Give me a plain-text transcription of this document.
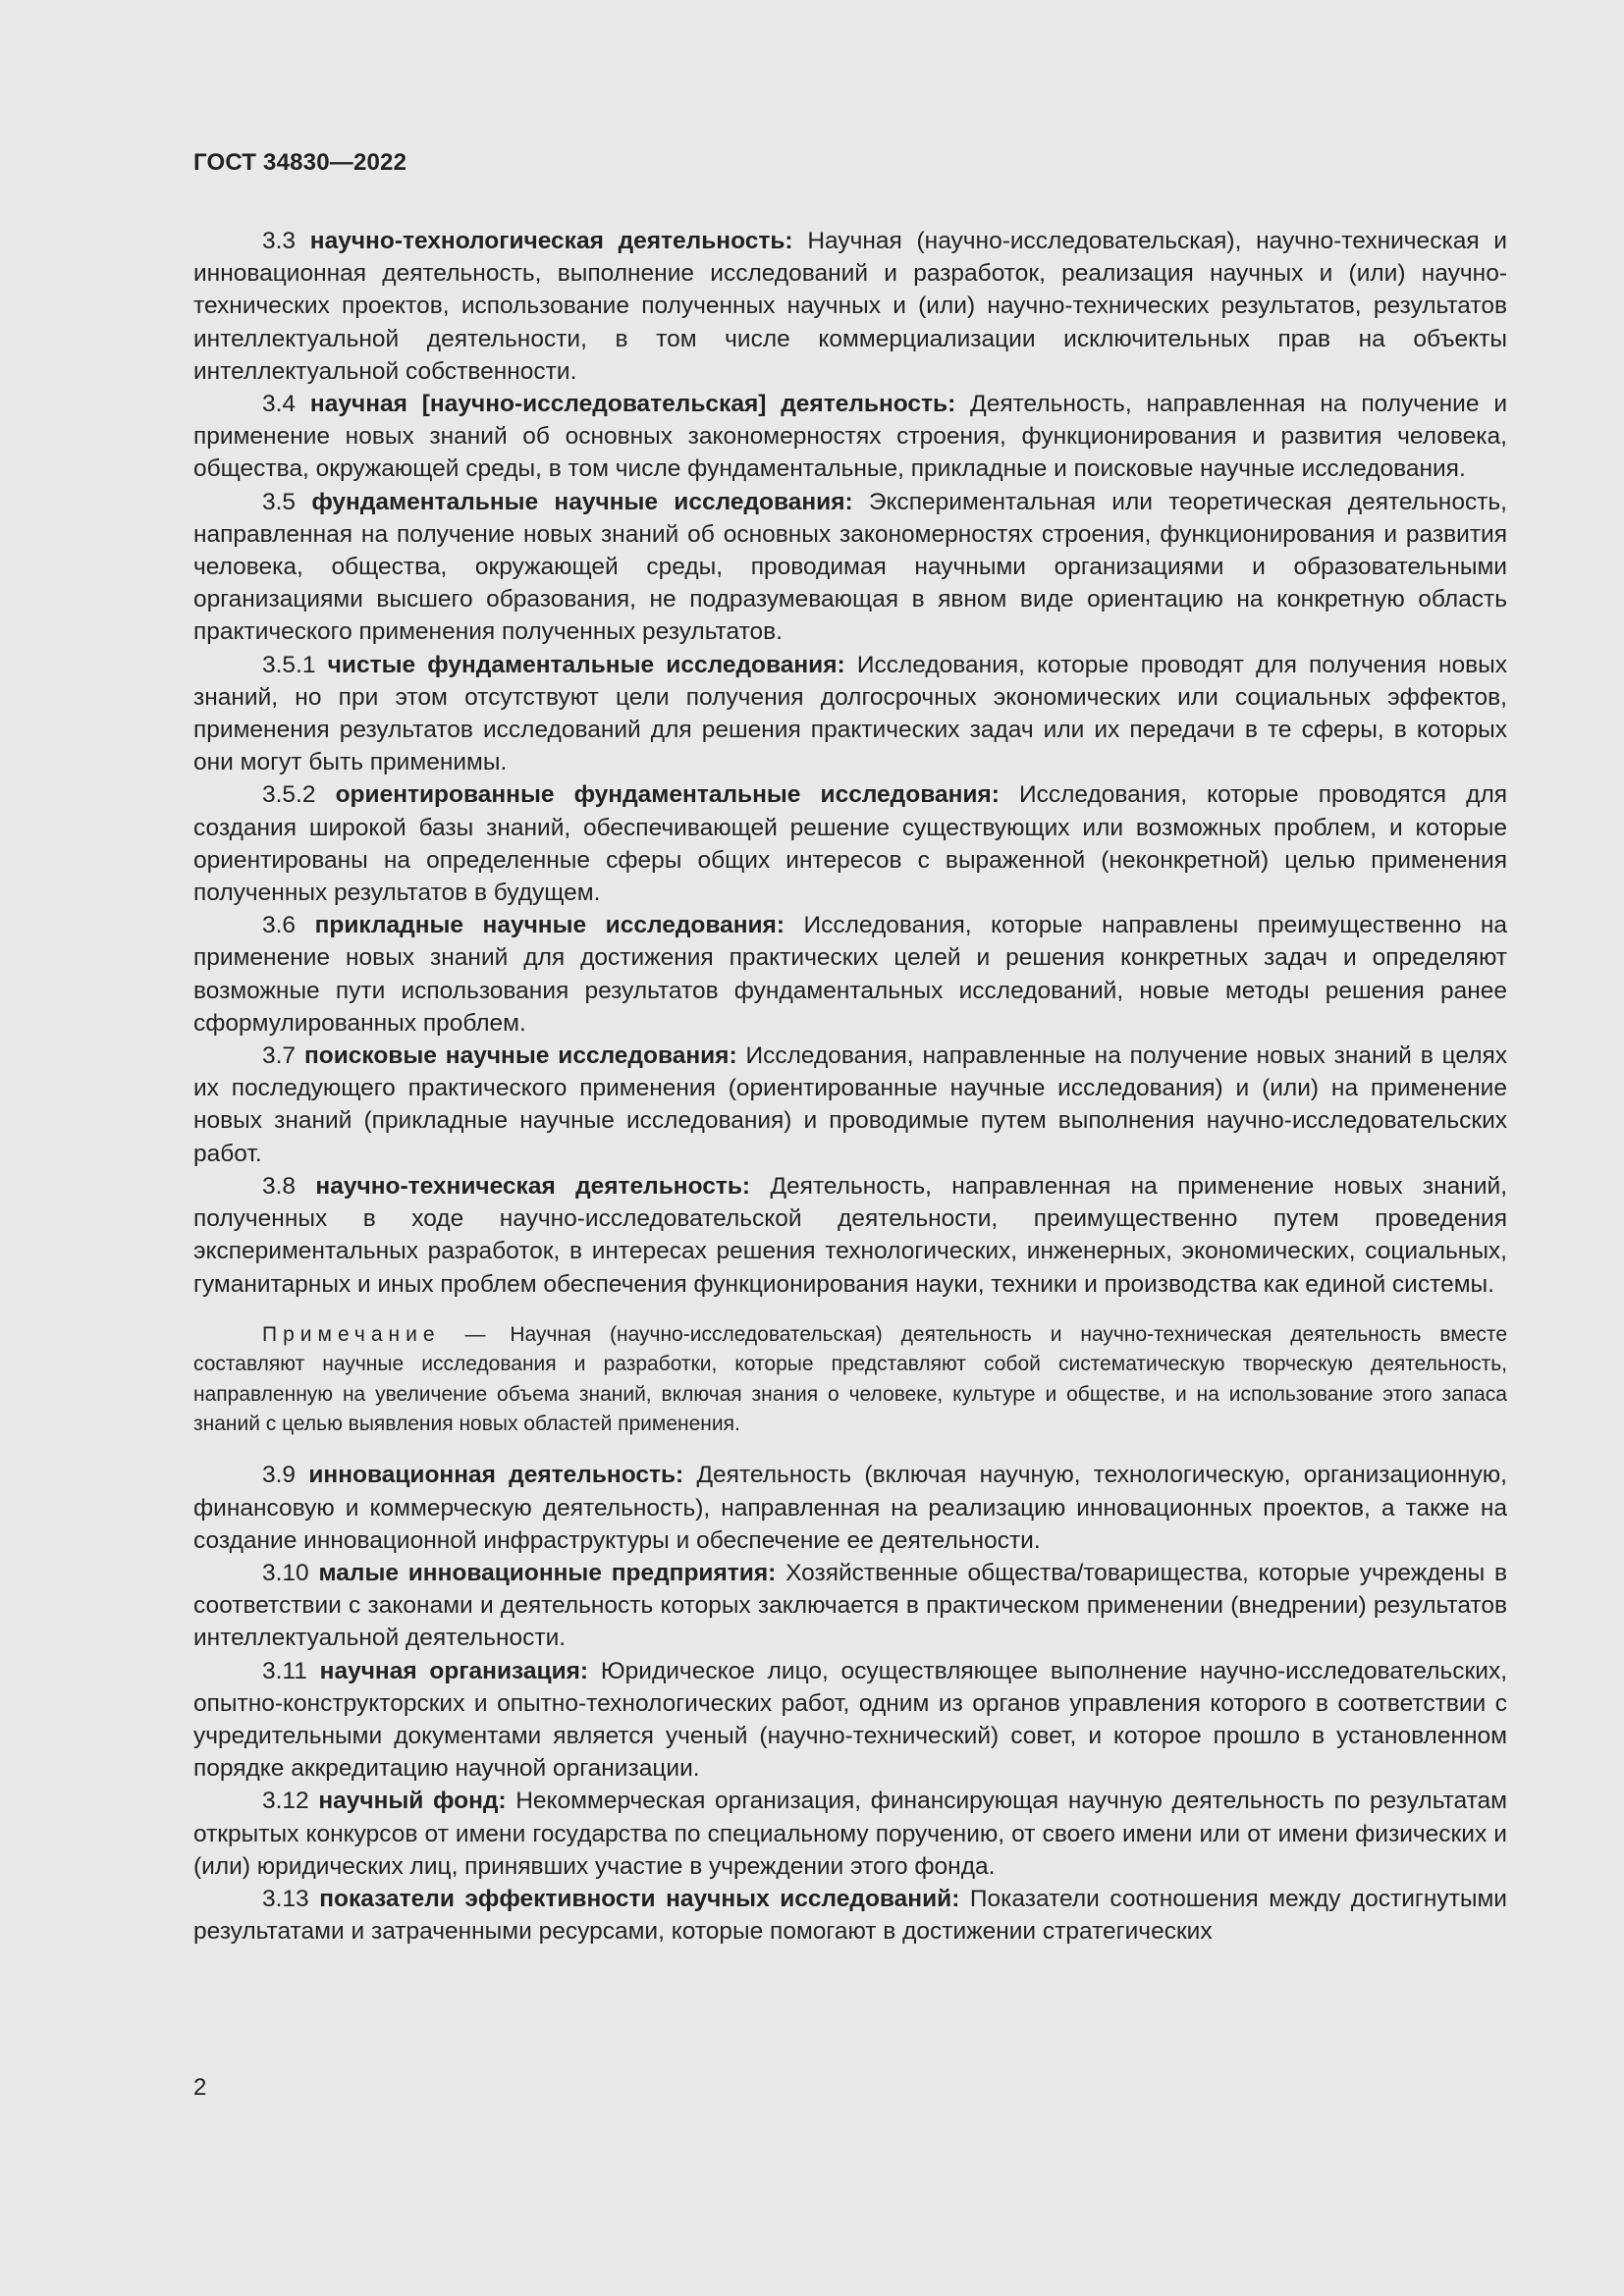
ГОСТ 34830—2022

3.3 научно-технологическая деятельность: Научная (научно-исследовательская), научно-техническая и инновационная деятельность, выполнение исследований и разработок, реализация научных и (или) научно-технических проектов, использование полученных научных и (или) научно-технических результатов, результатов интеллектуальной деятельности, в том числе коммерциализации исключительных прав на объекты интеллектуальной собственности.

3.4 научная [научно-исследовательская] деятельность: Деятельность, направленная на получение и применение новых знаний об основных закономерностях строения, функционирования и развития человека, общества, окружающей среды, в том числе фундаментальные, прикладные и поисковые научные исследования.

3.5 фундаментальные научные исследования: Экспериментальная или теоретическая деятельность, направленная на получение новых знаний об основных закономерностях строения, функционирования и развития человека, общества, окружающей среды, проводимая научными организациями и образовательными организациями высшего образования, не подразумевающая в явном виде ориентацию на конкретную область практического применения полученных результатов.

3.5.1 чистые фундаментальные исследования: Исследования, которые проводят для получения новых знаний, но при этом отсутствуют цели получения долгосрочных экономических или социальных эффектов, применения результатов исследований для решения практических задач или их передачи в те сферы, в которых они могут быть применимы.

3.5.2 ориентированные фундаментальные исследования: Исследования, которые проводятся для создания широкой базы знаний, обеспечивающей решение существующих или возможных проблем, и которые ориентированы на определенные сферы общих интересов с выраженной (неконкретной) целью применения полученных результатов в будущем.

3.6 прикладные научные исследования: Исследования, которые направлены преимущественно на применение новых знаний для достижения практических целей и решения конкретных задач и определяют возможные пути использования результатов фундаментальных исследований, новые методы решения ранее сформулированных проблем.

3.7 поисковые научные исследования: Исследования, направленные на получение новых знаний в целях их последующего практического применения (ориентированные научные исследования) и (или) на применение новых знаний (прикладные научные исследования) и проводимые путем выполнения научно-исследовательских работ.

3.8 научно-техническая деятельность: Деятельность, направленная на применение новых знаний, полученных в ходе научно-исследовательской деятельности, преимущественно путем проведения экспериментальных разработок, в интересах решения технологических, инженерных, экономических, социальных, гуманитарных и иных проблем обеспечения функционирования науки, техники и производства как единой системы.

Примечание — Научная (научно-исследовательская) деятельность и научно-техническая деятельность вместе составляют научные исследования и разработки, которые представляют собой систематическую творческую деятельность, направленную на увеличение объема знаний, включая знания о человеке, культуре и обществе, и на использование этого запаса знаний с целью выявления новых областей применения.

3.9 инновационная деятельность: Деятельность (включая научную, технологическую, организационную, финансовую и коммерческую деятельность), направленная на реализацию инновационных проектов, а также на создание инновационной инфраструктуры и обеспечение ее деятельности.

3.10 малые инновационные предприятия: Хозяйственные общества/товарищества, которые учреждены в соответствии с законами и деятельность которых заключается в практическом применении (внедрении) результатов интеллектуальной деятельности.

3.11 научная организация: Юридическое лицо, осуществляющее выполнение научно-исследовательских, опытно-конструкторских и опытно-технологических работ, одним из органов управления которого в соответствии с учредительными документами является ученый (научно-технический) совет, и которое прошло в установленном порядке аккредитацию научной организации.

3.12 научный фонд: Некоммерческая организация, финансирующая научную деятельность по результатам открытых конкурсов от имени государства по специальному поручению, от своего имени или от имени физических и (или) юридических лиц, принявших участие в учреждении этого фонда.

3.13 показатели эффективности научных исследований: Показатели соотношения между достигнутыми результатами и затраченными ресурсами, которые помогают в достижении стратегических

2
